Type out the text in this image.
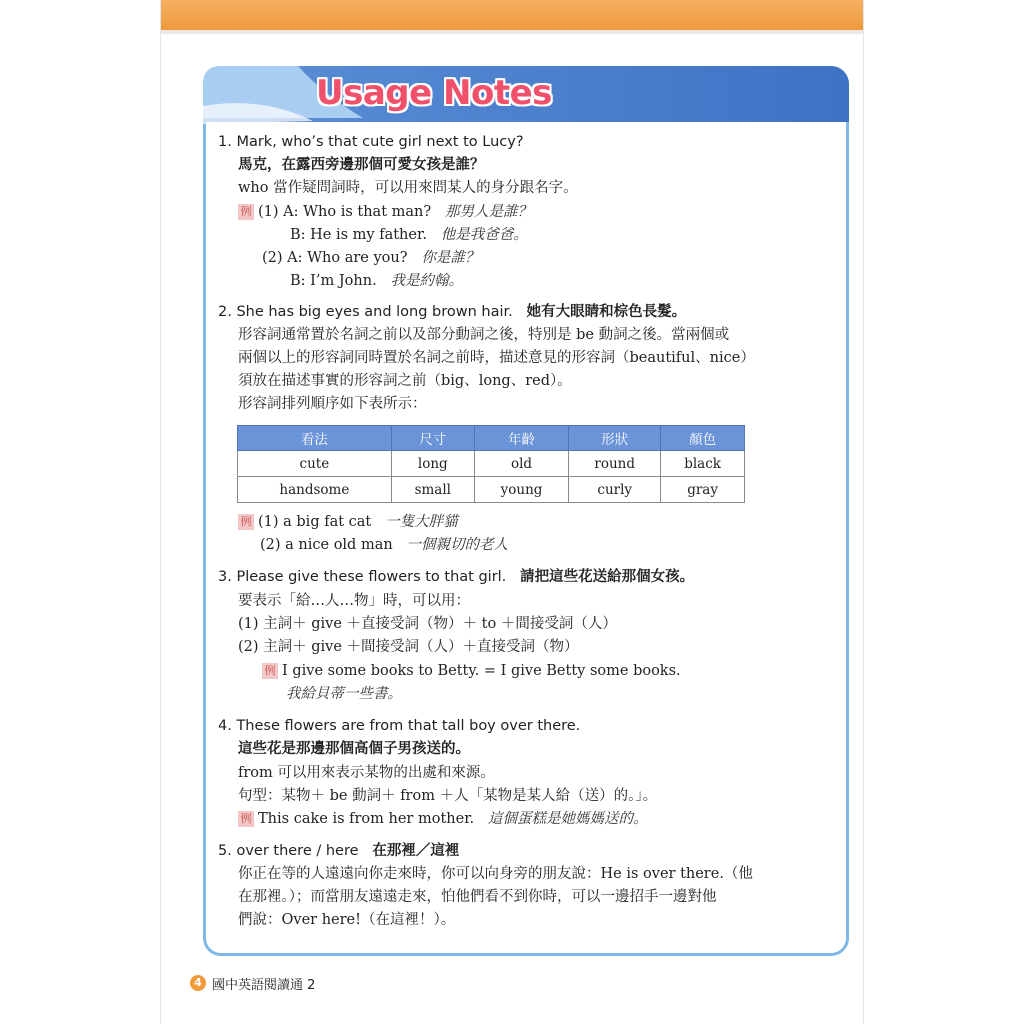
Usage Notes
1. Mark, who’s that cute girl next to Lucy?
馬克，在露西旁邊那個可愛女孩是誰？
who 當作疑問詞時，可以用來問某人的身分跟名字。
例 (1) A: Who is that man? 那男人是誰？
B: He is my father. 他是我爸爸。
(2) A: Who are you? 你是誰？
B: I’m John. 我是約翰。
2. She has big eyes and long brown hair. 她有大眼睛和棕色長髮。
形容詞通常置於名詞之前以及部分動詞之後，特別是 be 動詞之後。當兩個或
兩個以上的形容詞同時置於名詞之前時，描述意見的形容詞（beautiful、nice）
須放在描述事實的形容詞之前（big、long、red）。
形容詞排列順序如下表所示：
看法	尺寸	年齡	形狀	顏色
cute	long	old	round	black
handsome	small	young	curly	gray
例 (1) a big fat cat 一隻大胖貓
(2) a nice old man 一個親切的老人
3. Please give these flowers to that girl. 請把這些花送給那個女孩。
要表示「給…人…物」時，可以用：
(1) 主詞＋ give ＋直接受詞（物）＋ to ＋間接受詞（人）
(2) 主詞＋ give ＋間接受詞（人）＋直接受詞（物）
例 I give some books to Betty. = I give Betty some books.
我給貝蒂一些書。
4. These flowers are from that tall boy over there.
這些花是那邊那個高個子男孩送的。
from 可以用來表示某物的出處和來源。
句型：某物＋ be 動詞＋ from ＋人「某物是某人給（送）的。」。
例 This cake is from her mother. 這個蛋糕是她媽媽送的。
5. over there / here 在那裡／這裡
你正在等的人遠遠向你走來時，你可以向身旁的朋友說：He is over there.（他
在那裡。）；而當朋友遠遠走來，怕他們看不到你時，可以一邊招手一邊對他
們說：Over here!（在這裡！）。
4 國中英語閱讀通 2
